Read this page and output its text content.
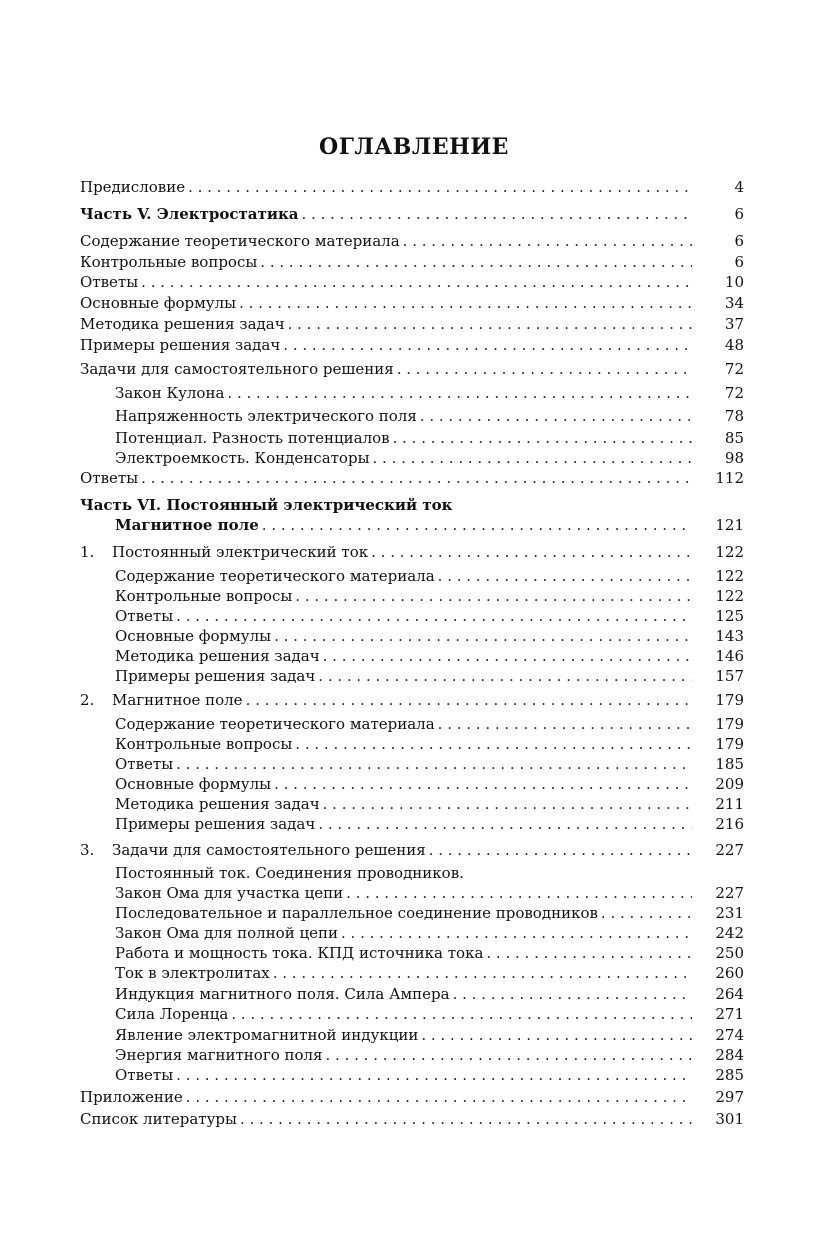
ОГЛАВЛЕНИЕ
Предисловие . . .	4
Часть V. Электростатика . . .	6
Содержание теоретического материала . . .	6
Контрольные вопросы . . .	6
Ответы . . .	10
Основные формулы . . .	34
Методика решения задач . . .	37
Примеры решения задач . . .	48
Задачи для самостоятельного решения . . .	72
Закон Кулона . . .	72
Напряженность электрического поля . . .	78
Потенциал. Разность потенциалов . . .	85
Электроемкость. Конденсаторы . . .	98
Ответы . . .	112
Часть VI. Постоянный электрический ток
Магнитное поле . . .	121
1. Постоянный электрический ток . . .	122
Содержание теоретического материала . . .	122
Контрольные вопросы . . .	122
Ответы . . .	125
Основные формулы . . .	143
Методика решения задач . . .	146
Примеры решения задач . . .	157
2. Магнитное поле . . .	179
Содержание теоретического материала . . .	179
Контрольные вопросы . . .	179
Ответы . . .	185
Основные формулы . . .	209
Методика решения задач . . .	211
Примеры решения задач . . .	216
3. Задачи для самостоятельного решения . . .	227
Постоянный ток. Соединения проводников.
Закон Ома для участка цепи . . .	227
Последовательное и параллельное соединение проводников . . .	231
Закон Ома для полной цепи . . .	242
Работа и мощность тока. КПД источника тока . . .	250
Ток в электролитах . . .	260
Индукция магнитного поля. Сила Ампера . . .	264
Сила Лоренца . . .	271
Явление электромагнитной индукции . . .	274
Энергия магнитного поля . . .	284
Ответы . . .	285
Приложение . . .	297
Список литературы . . .	301
